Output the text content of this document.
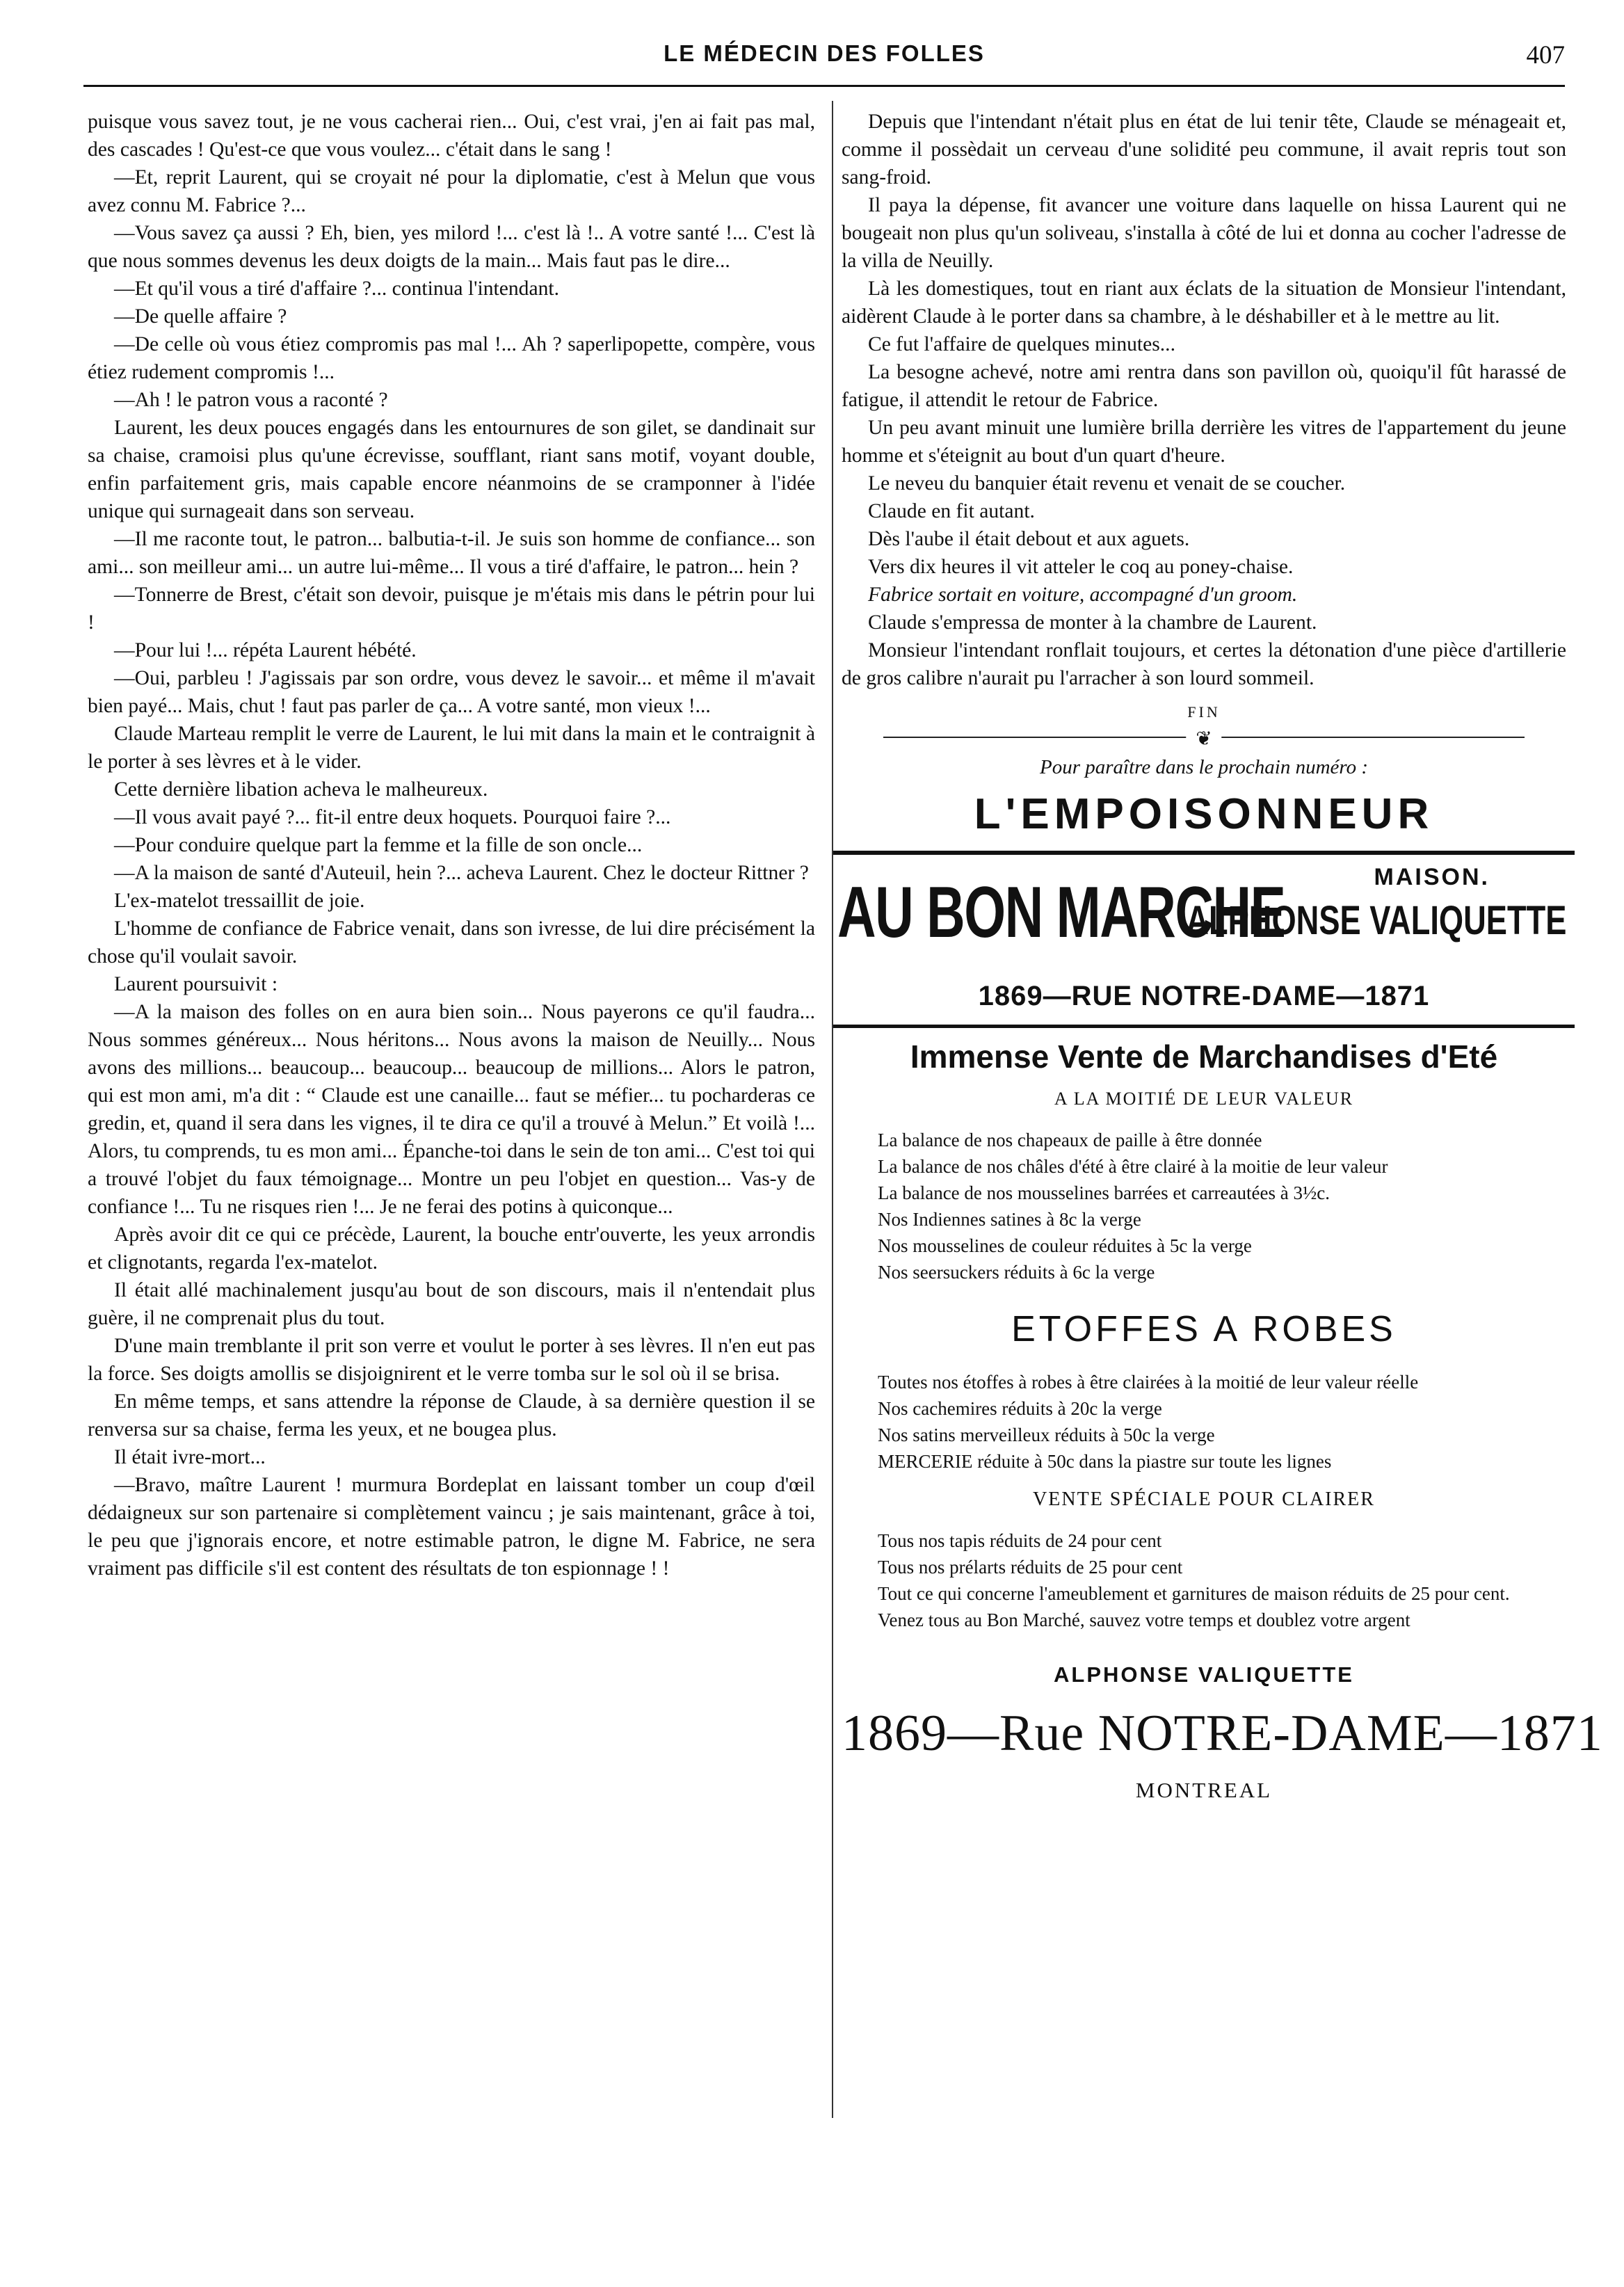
LE MÉDECIN DES FOLLES	407

puisque vous savez tout, je ne vous cacherai rien... Oui, c'est vrai, j'en ai fait pas mal, des cascades ! Qu'est-ce que vous voulez... c'était dans le sang !

—Et, reprit Laurent, qui se croyait né pour la diplomatie, c'est à Melun que vous avez connu M. Fabrice ?...

—Vous savez ça aussi ? Eh, bien, yes milord !... c'est là !.. A votre santé !... C'est là que nous sommes devenus les deux doigts de la main... Mais faut pas le dire...

—Et qu'il vous a tiré d'affaire ?... continua l'intendant.

—De quelle affaire ?

—De celle où vous étiez compromis pas mal !... Ah ? saperlipopette, compère, vous étiez rudement compromis !...

—Ah ! le patron vous a raconté ?

Laurent, les deux pouces engagés dans les entournures de son gilet, se dandinait sur sa chaise, cramoisi plus qu'une écrevisse, soufflant, riant sans motif, voyant double, enfin parfaitement gris, mais capable encore néanmoins de se cramponner à l'idée unique qui surnageait dans son serveau.

—Il me raconte tout, le patron... balbutia-t-il. Je suis son homme de confiance... son ami... son meilleur ami... un autre lui-même... Il vous a tiré d'affaire, le patron... hein ?

—Tonnerre de Brest, c'était son devoir, puisque je m'étais mis dans le pétrin pour lui !

—Pour lui !... répéta Laurent hébété.

—Oui, parbleu ! J'agissais par son ordre, vous devez le savoir... et même il m'avait bien payé... Mais, chut ! faut pas parler de ça... A votre santé, mon vieux !...

Claude Marteau remplit le verre de Laurent, le lui mit dans la main et le contraignit à le porter à ses lèvres et à le vider.

Cette dernière libation acheva le malheureux.

—Il vous avait payé ?... fit-il entre deux hoquets. Pourquoi faire ?...

—Pour conduire quelque part la femme et la fille de son oncle...

—A la maison de santé d'Auteuil, hein ?... acheva Laurent. Chez le docteur Rittner ?

L'ex-matelot tressaillit de joie.

L'homme de confiance de Fabrice venait, dans son ivresse, de lui dire précisément la chose qu'il voulait savoir.

Laurent poursuivit :

—A la maison des folles on en aura bien soin... Nous payerons ce qu'il faudra... Nous sommes généreux... Nous héritons... Nous avons la maison de Neuilly... Nous avons des millions... beaucoup... beaucoup... beaucoup de millions... Alors le patron, qui est mon ami, m'a dit : “ Claude est une canaille... faut se méfier... tu pocharderas ce gredin, et, quand il sera dans les vignes, il te dira ce qu'il a trouvé à Melun.” Et voilà !... Alors, tu comprends, tu es mon ami... Épanche-toi dans le sein de ton ami... C'est toi qui a trouvé l'objet du faux témoignage... Montre un peu l'objet en question... Vas-y de confiance !... Tu ne risques rien !... Je ne ferai des potins à quiconque...

Après avoir dit ce qui ce précède, Laurent, la bouche entr'ouverte, les yeux arrondis et clignotants, regarda l'ex-matelot.

Il était allé machinalement jusqu'au bout de son discours, mais il n'entendait plus guère, il ne comprenait plus du tout.

D'une main tremblante il prit son verre et voulut le porter à ses lèvres. Il n'en eut pas la force. Ses doigts amollis se disjoignirent et le verre tomba sur le sol où il se brisa.

En même temps, et sans attendre la réponse de Claude, à sa dernière question il se renversa sur sa chaise, ferma les yeux, et ne bougea plus.

Il était ivre-mort...

—Bravo, maître Laurent ! murmura Bordeplat en laissant tomber un coup d'œil dédaigneux sur son partenaire si complètement vaincu ; je sais maintenant, grâce à toi, le peu que j'ignorais encore, et notre estimable patron, le digne M. Fabrice, ne sera vraiment pas difficile s'il est content des résultats de ton espionnage ! !

Depuis que l'intendant n'était plus en état de lui tenir tête, Claude se ménageait et, comme il possèdait un cerveau d'une solidité peu commune, il avait repris tout son sang-froid.

Il paya la dépense, fit avancer une voiture dans laquelle on hissa Laurent qui ne bougeait non plus qu'un soliveau, s'installa à côté de lui et donna au cocher l'adresse de la villa de Neuilly.

Là les domestiques, tout en riant aux éclats de la situation de Monsieur l'intendant, aidèrent Claude à le porter dans sa chambre, à le déshabiller et à le mettre au lit.

Ce fut l'affaire de quelques minutes...

La besogne achevé, notre ami rentra dans son pavillon où, quoiqu'il fût harassé de fatigue, il attendit le retour de Fabrice.

Un peu avant minuit une lumière brilla derrière les vitres de l'appartement du jeune homme et s'éteignit au bout d'un quart d'heure.

Le neveu du banquier était revenu et venait de se coucher.

Claude en fit autant.

Dès l'aube il était debout et aux aguets.

Vers dix heures il vit atteler le coq au poney-chaise.

Fabrice sortait en voiture, accompagné d'un groom.

Claude s'empressa de monter à la chambre de Laurent.

Monsieur l'intendant ronflait toujours, et certes la détonation d'une pièce d'artillerie de gros calibre n'aurait pu l'arracher à son lourd sommeil.

FIN
❦
Pour paraître dans le prochain numéro :
L'EMPOISONNEUR
AU BON MARCHE	MAISON.
ALPHONSE VALIQUETTE
1869—RUE NOTRE-DAME—1871
Immense Vente de Marchandises d'Eté
A LA MOITIÉ DE LEUR VALEUR
La balance de nos chapeaux de paille à être donnée
La balance de nos châles d'été à être clairé à la moitie de leur valeur
La balance de nos mousselines barrées et carreautées à 3½c.
Nos Indiennes satines à 8c la verge
Nos mousselines de couleur réduites à 5c la verge
Nos seersuckers réduits à 6c la verge
ETOFFES A ROBES
Toutes nos étoffes à robes à être clairées à la moitié de leur valeur réelle
Nos cachemires réduits à 20c la verge
Nos satins merveilleux réduits à 50c la verge
MERCERIE réduite à 50c dans la piastre sur toute les lignes
VENTE SPÉCIALE POUR CLAIRER
Tous nos tapis réduits de 24 pour cent
Tous nos prélarts réduits de 25 pour cent
Tout ce qui concerne l'ameublement et garnitures de maison réduits de 25 pour cent.
Venez tous au Bon Marché, sauvez votre temps et doublez votre argent
ALPHONSE VALIQUETTE
1869—Rue NOTRE-DAME—1871
MONTREAL
